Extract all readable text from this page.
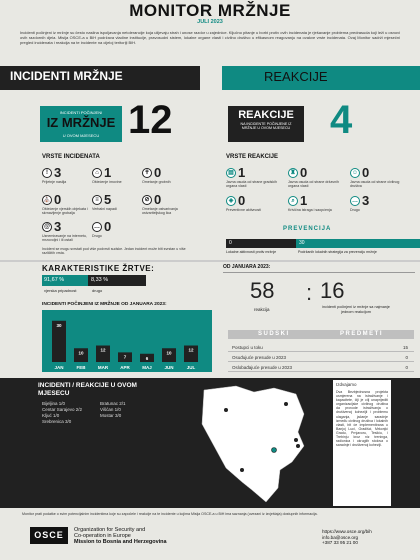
MONITOR MRŽNJE
JULI 2023
Incidenti počinjeni iz mržnje su često nasilna ispoljavanja netolerancije koja ulijevaju strah i unose razdor u zajednice. Ključno pitanje u borbi protiv ovih incidenata je rješavanje problema predrasuda koji leži u osnovi ovih razdornih djela. Misija OSCE-a u BiH podržava vladine institucije, pravosudni sistem, lokalne organe vlasti i civilno društvo u efikasnom reagovanju na ovakve vrste incidenata. Ovaj Monitor sadrži mjesečni pregled incidenata i reakcija na te incidente na cijeloj teritoriji BiH.
INCIDENTI MRŽNJE
INCIDENTI POČINJENI
IZ MRŽNJE
U OVOM MJESECU 12
REAKCIJE
REAKCIJE
NA INCIDENTE POČINJENE IZ MRŽNJE U OVOM MJESECU 4
VRSTE INCIDENATA
! 3
Prijetnje nasilja
⌂ 1
Oštećenje imovine
✝ 0
Ometanje grobnih
⛪ 0
Oštećenje vjerskih objekata i skrnavljenje grobalja
≡ 5
Verbalni napadi
⊘ 0
Ometanje ostvarivanja ostvariteljskog lica
@ 3
Uznemiravanje na internetu, mrzovoljni i ili ostali
… 0
Drugo
Incident se mogu svrstati pod više podvrsti sudske. Jedan incident može biti svrstan u više različitih vrsta.
VRSTE REAKCIJE
▤ 1
Javna osuda od strane gradskih organa vlasti
♜ 0
Javna osuda od strane državnih organa vlasti
☺ 0
Javna osuda od strane civilnog društva
◈ 0
Preventivne aktivnosti
⌕ 1
Krivična istraga i saopćenja
… 3
Drugo
PREVENCIJA
0	30
Lokalne aktivnosti protiv mržnje	Podržanih lokalnih strategija za prevenciju mržnje
KARAKTERISTIKE ŽRTVE:
91,67 %	8,33 %
vjerska pripadnost	drugo
INCIDENTI POČINJENI IZ MRŽNJE OD JANUARA 2023:
30
JAN
10
FEB
12
MAR
7
APR
6
MAJ
10
JUN
12
JUL
OD JANUARA 2023:
58
reakcija
: 16
incidenti počinjeni iz mržnje sa najmanje jednom reakcijom
SUDSKI	PREDMETI
Postupci u toku	15
Osuđujuće presude u 2023	0
Oslobađajuće presude u 2023	0
INCIDENTI / REAKCIJE U OVOM MJESECU
Bijeljina 1/0
Centar Sarajevo 2/2
Kljuć 1/0
Srebrenica 3/0
Bratunac 2/1
Višćan 1/0
Mostar 3/0
Izdvajamo
Dva Bezbjednosna projekta usmjerena na istraživanje i kapacitete, čiji je cilj unaprijediti organizacijske civilnog društva da provode istraživanja o društvenoj kohezijii i problemu ulaganja, jačanje saradnje između civilnog društva i lokalnih vlasti, bit će implementirana u Banjoj Luci, Gradišci, Mrkonjić Gradu, Prnjavoru, Tesliću, i Trebinju kroz niz treninga, radionica i okruglih stolova o saradnje i društvenoj koheziji.
Monitor prati podatke o svim potencijalnim incidentima koje su započele i reakcije na te incidente u kojima Misija OSCE-a u BiH ima saznanja (uvezani iz izvještaja) dostupnih informacija.
OSCE	Organization for Security and
Co-operation in Europe
Mission to Bosnia and Herzegovina
https://www.osce.org/bih
info.ba@osce.org
+387 33 95 21 00
